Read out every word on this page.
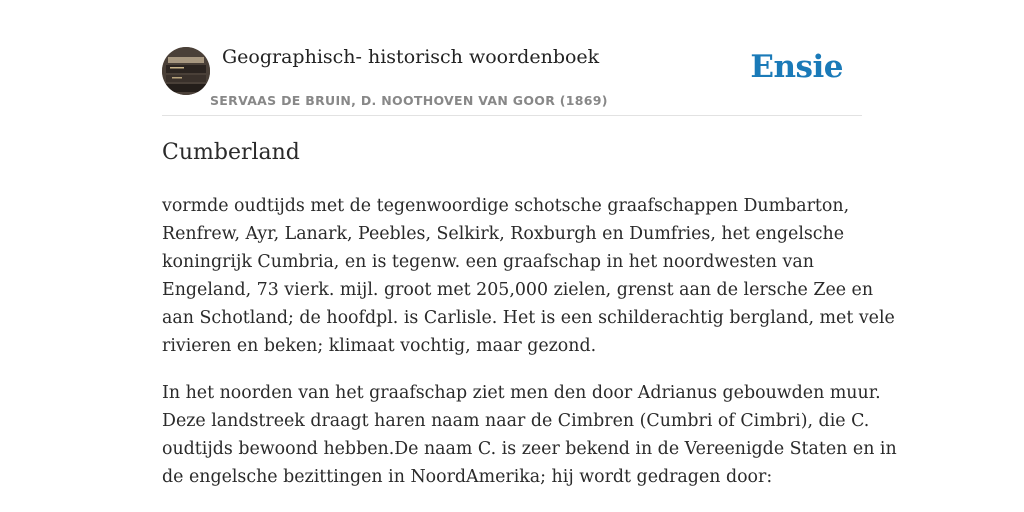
Geographisch- historisch woordenboek
SERVAAS DE BRUIN, D. NOOTHOVEN VAN GOOR (1869)
Ensie
Cumberland

vormde oudtijds met de tegenwoordige schotsche graafschappen Dumbarton,
Renfrew, Ayr, Lanark, Peebles, Selkirk, Roxburgh en Dumfries, het engelsche
koningrijk Cumbria, en is tegenw. een graafschap in het noordwesten van
Engeland, 73 vierk. mijl. groot met 205,000 zielen, grenst aan de lersche Zee en
aan Schotland; de hoofdpl. is Carlisle. Het is een schilderachtig bergland, met vele
rivieren en beken; klimaat vochtig, maar gezond.

In het noorden van het graafschap ziet men den door Adrianus gebouwden muur.
Deze landstreek draagt haren naam naar de Cimbren (Cumbri of Cimbri), die C.
oudtijds bewoond hebben.De naam C. is zeer bekend in de Vereenigde Staten en in
de engelsche bezittingen in NoordAmerika; hij wordt gedragen door:
